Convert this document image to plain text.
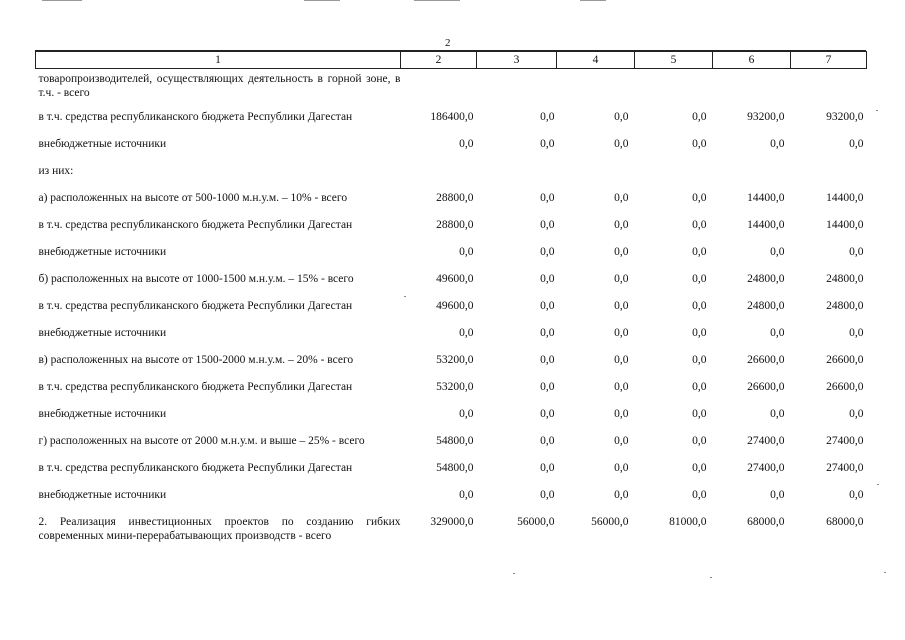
2
1	2	3	4	5	6	7
товаропроизводителей, осуществляющих деятельность в горной зоне, в т.ч. - всего						
в т.ч. средства республиканского бюджета Республики Дагестан	186400,0	0,0	0,0	0,0	93200,0	93200,0
внебюджетные источники	0,0	0,0	0,0	0,0	0,0	0,0
из них:						
а) расположенных на высоте от 500-1000 м.н.у.м. – 10% - всего	28800,0	0,0	0,0	0,0	14400,0	14400,0
в т.ч. средства республиканского бюджета Республики Дагестан	28800,0	0,0	0,0	0,0	14400,0	14400,0
внебюджетные источники	0,0	0,0	0,0	0,0	0,0	0,0
б) расположенных на высоте от 1000-1500 м.н.у.м. – 15% - всего	49600,0	0,0	0,0	0,0	24800,0	24800,0
в т.ч. средства республиканского бюджета Республики Дагестан	49600,0	0,0	0,0	0,0	24800,0	24800,0
внебюджетные источники	0,0	0,0	0,0	0,0	0,0	0,0
в) расположенных на высоте от 1500-2000 м.н.у.м. – 20% - всего	53200,0	0,0	0,0	0,0	26600,0	26600,0
в т.ч. средства республиканского бюджета Республики Дагестан	53200,0	0,0	0,0	0,0	26600,0	26600,0
внебюджетные источники	0,0	0,0	0,0	0,0	0,0	0,0
г) расположенных на высоте от 2000 м.н.у.м. и выше – 25% - всего	54800,0	0,0	0,0	0,0	27400,0	27400,0
в т.ч. средства республиканского бюджета Республики Дагестан	54800,0	0,0	0,0	0,0	27400,0	27400,0
внебюджетные источники	0,0	0,0	0,0	0,0	0,0	0,0
2. Реализация инвестиционных проектов по созданию гибких современных мини-перерабатывающих производств - всего	329000,0	56000,0	56000,0	81000,0	68000,0	68000,0
